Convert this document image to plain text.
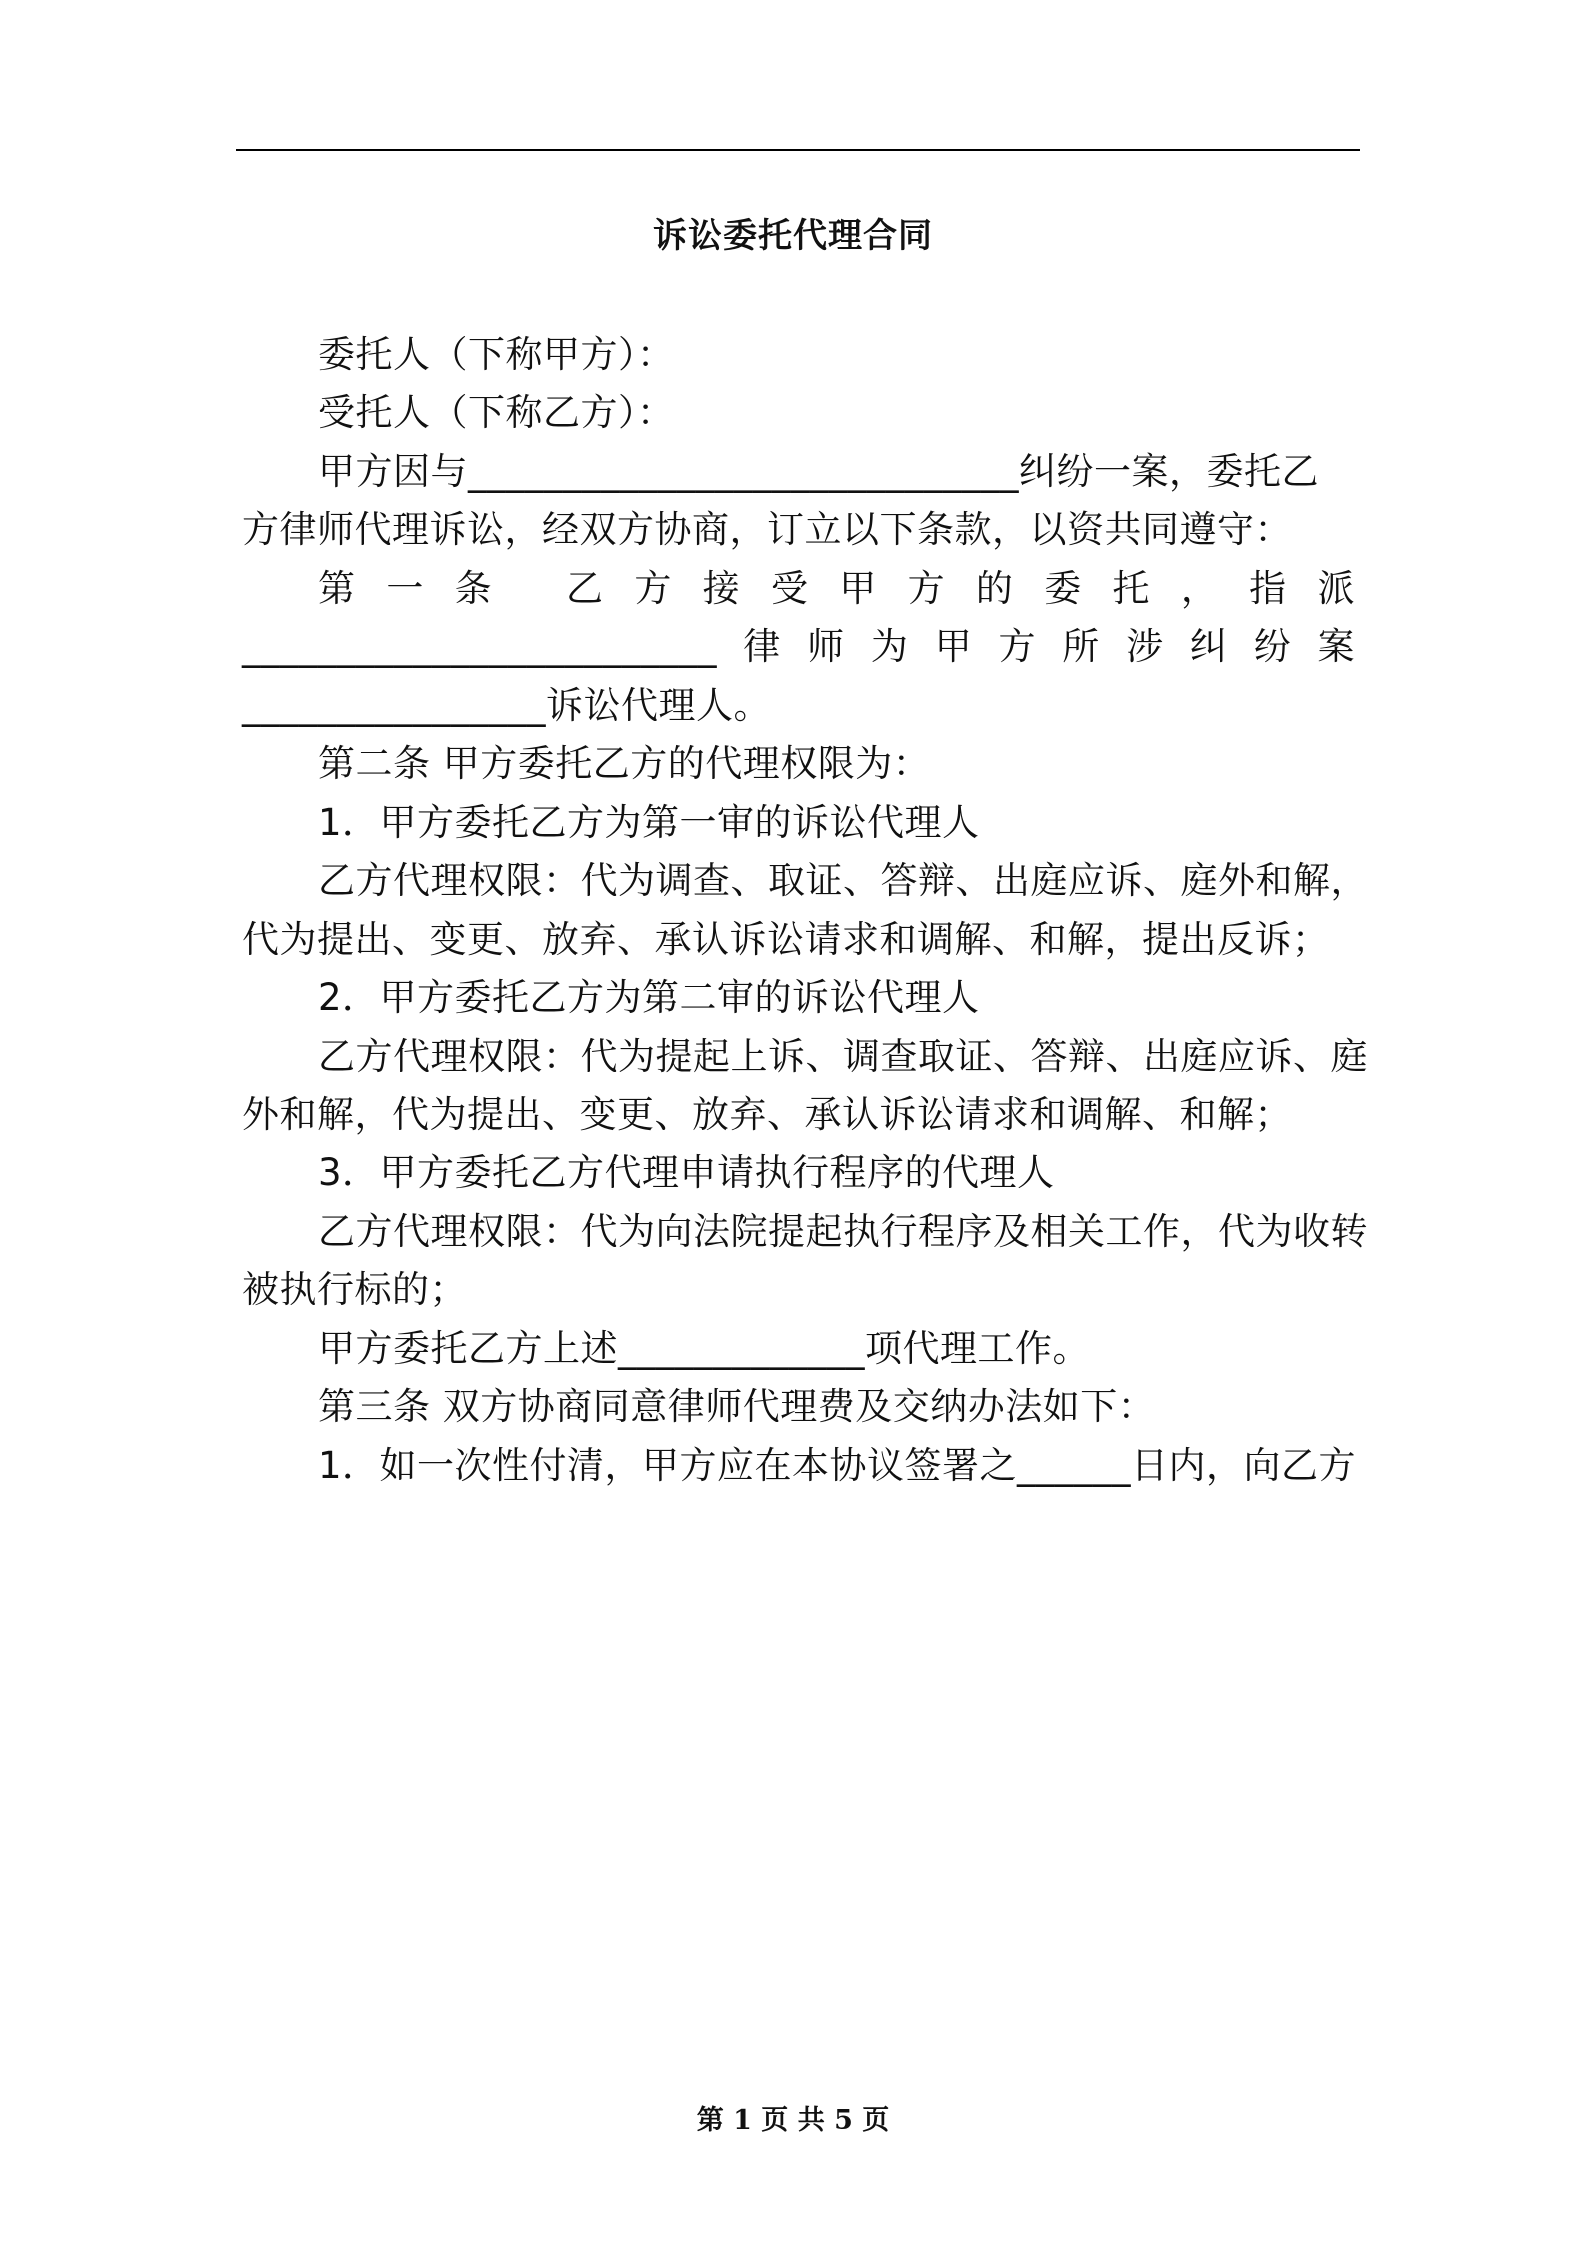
诉讼委托代理合同
委托人（下称甲方）：
受托人（下称乙方）：
甲方因与_____________________________纠纷一案，委托乙
方律师代理诉讼，经双方协商，订立以下条款，以资共同遵守：
第一条 乙方接受甲方的委托，指派
_________________________律师为甲方所涉纠纷案
________________诉讼代理人。
第二条 甲方委托乙方的代理权限为：
1．甲方委托乙方为第一审的诉讼代理人
乙方代理权限：代为调查、取证、答辩、出庭应诉、庭外和解，
代为提出、变更、放弃、承认诉讼请求和调解、和解，提出反诉；
2．甲方委托乙方为第二审的诉讼代理人
乙方代理权限：代为提起上诉、调查取证、答辩、出庭应诉、庭
外和解，代为提出、变更、放弃、承认诉讼请求和调解、和解；
3．甲方委托乙方代理申请执行程序的代理人
乙方代理权限：代为向法院提起执行程序及相关工作，代为收转
被执行标的；
甲方委托乙方上述_____________项代理工作。
第三条 双方协商同意律师代理费及交纳办法如下：
1．如一次性付清，甲方应在本协议签署之______日内，向乙方
第 1 页 共 5 页
